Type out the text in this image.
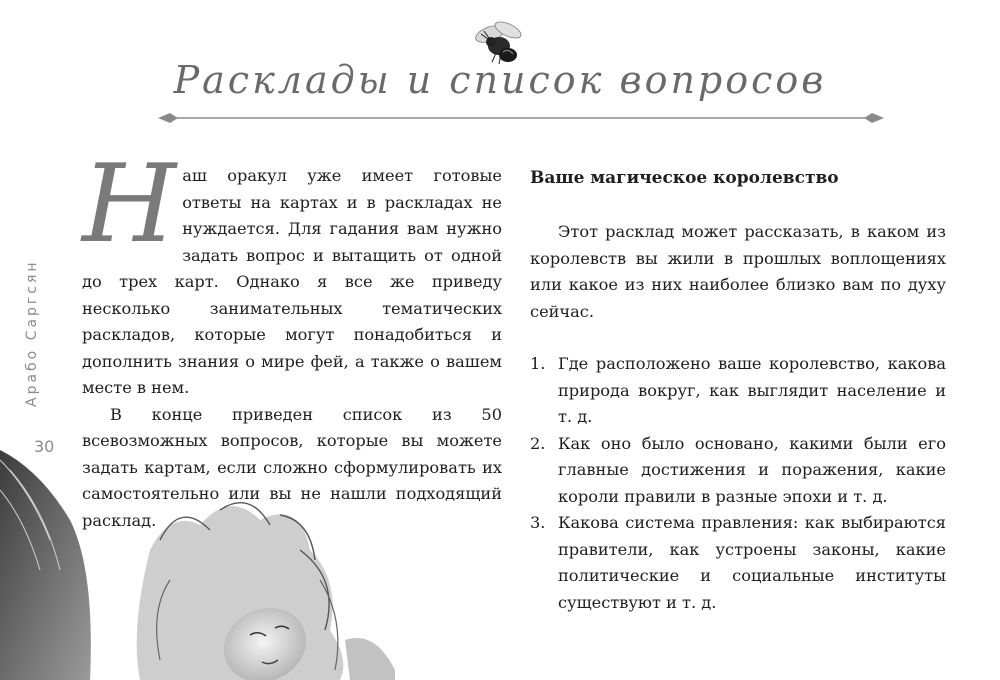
Расклады и список вопросов
Арабо Саргсян
30

Наш оракул уже имеет готовые ответы на картах и в раскладах не нуждается. Для гадания вам нужно задать вопрос и вытащить от одной до трех карт. Однако я все же приведу несколько занимательных тематических раскладов, которые могут понадобиться и дополнить знания о мире фей, а также о вашем месте в нем.

В конце приведен список из 50 всевозможных вопросов, которые вы можете задать картам, если сложно сформулировать их самостоятельно или вы не нашли подходящий расклад.

Ваше магическое королевство

Этот расклад может рассказать, в каком из королевств вы жили в прошлых воплощениях или какое из них наиболее близко вам по духу сейчас.

1. Где расположено ваше королевство, какова природа вокруг, как выглядит население и т. д.
2. Как оно было основано, какими были его главные достижения и поражения, какие короли правили в разные эпохи и т. д.
3. Какова система правления: как выбираются правители, как устроены законы, какие политические и социальные институты существуют и т. д.
